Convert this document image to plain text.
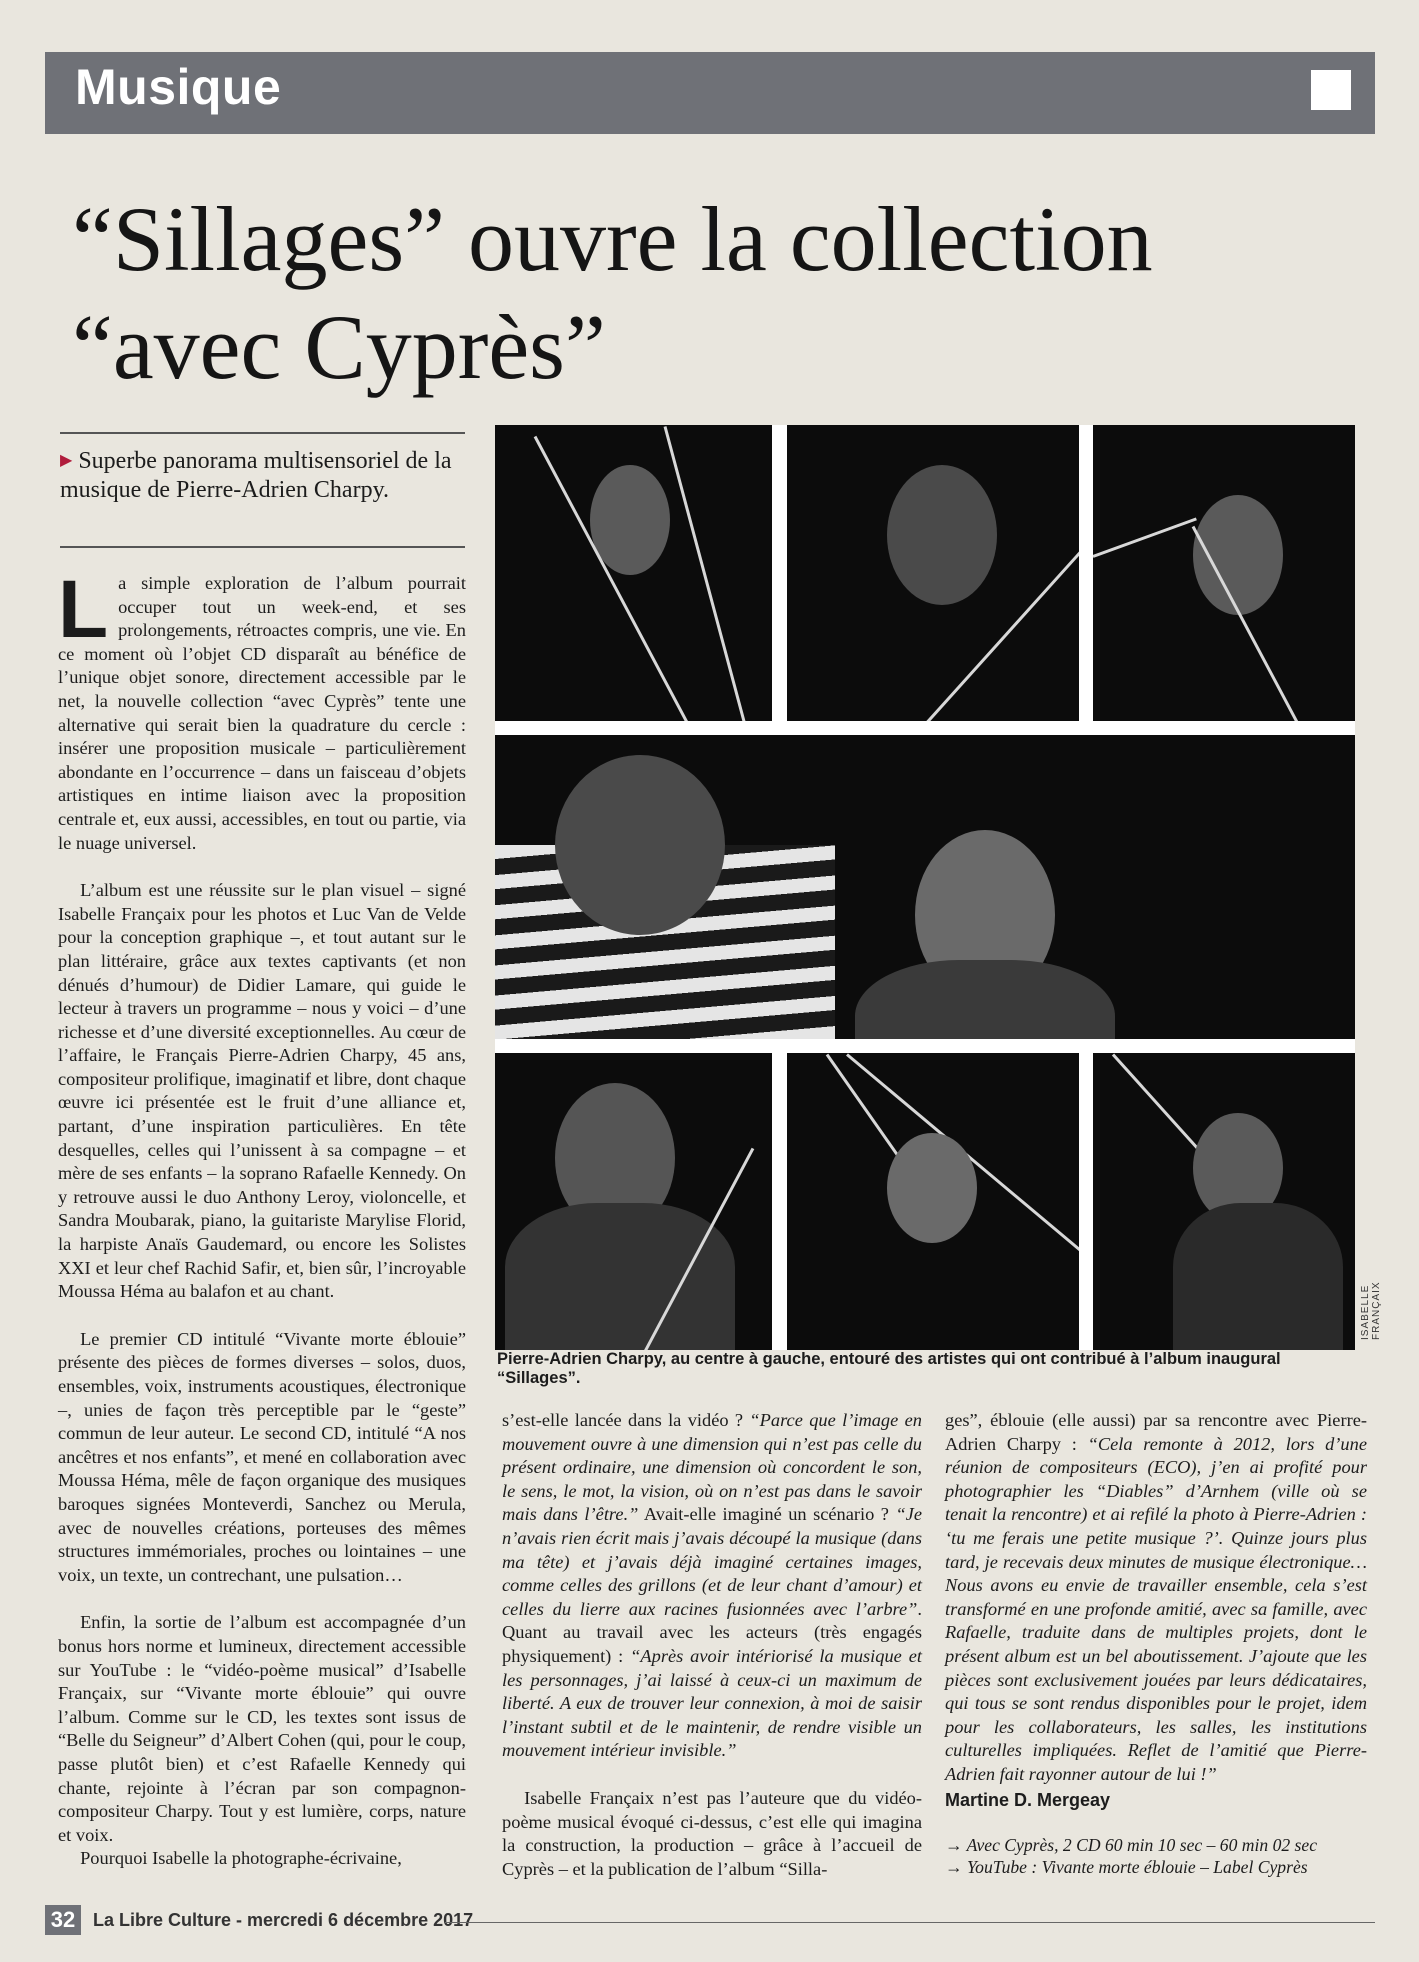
Musique
“Sillages” ouvre la collection
“avec Cyprès”
▶ Superbe panorama multisensoriel de la musique de Pierre-Adrien Charpy.

La simple exploration de l’album pourrait occuper tout un week-end, et ses prolongements, rétroactes compris, une vie. En ce moment où l’objet CD disparaît au bénéfice de l’unique objet sonore, directement accessible par le net, la nouvelle collection “avec Cyprès” tente une alternative qui serait bien la quadrature du cercle : insérer une proposition musicale – particulièrement abondante en l’occurrence – dans un faisceau d’objets artistiques en intime liaison avec la proposition centrale et, eux aussi, accessibles, en tout ou partie, via le nuage universel.

L’album est une réussite sur le plan visuel – signé Isabelle Françaix pour les photos et Luc Van de Velde pour la conception graphique –, et tout autant sur le plan littéraire, grâce aux textes captivants (et non dénués d’humour) de Didier Lamare, qui guide le lecteur à travers un programme – nous y voici – d’une richesse et d’une diversité exceptionnelles. Au cœur de l’affaire, le Français Pierre-Adrien Charpy, 45 ans, compositeur prolifique, imaginatif et libre, dont chaque œuvre ici présentée est le fruit d’une alliance et, partant, d’une inspiration particulières. En tête desquelles, celles qui l’unissent à sa compagne – et mère de ses enfants – la soprano Rafaelle Kennedy. On y retrouve aussi le duo Anthony Leroy, violoncelle, et Sandra Moubarak, piano, la guitariste Marylise Florid, la harpiste Anaïs Gaudemard, ou encore les Solistes XXI et leur chef Rachid Safir, et, bien sûr, l’incroyable Moussa Héma au balafon et au chant.

Le premier CD intitulé “Vivante morte éblouie” présente des pièces de formes diverses – solos, duos, ensembles, voix, instruments acoustiques, électronique –, unies de façon très perceptible par le “geste” commun de leur auteur. Le second CD, intitulé “A nos ancêtres et nos enfants”, et mené en collaboration avec Moussa Héma, mêle de façon organique des musiques baroques signées Monteverdi, Sanchez ou Merula, avec de nouvelles créations, porteuses des mêmes structures immémoriales, proches ou lointaines – une voix, un texte, un contrechant, une pulsation…

Enfin, la sortie de l’album est accompagnée d’un bonus hors norme et lumineux, directement accessible sur YouTube : le “vidéo-poème musical” d’Isabelle Françaix, sur “Vivante morte éblouie” qui ouvre l’album. Comme sur le CD, les textes sont issus de “Belle du Seigneur” d’Albert Cohen (qui, pour le coup, passe plutôt bien) et c’est Rafaelle Kennedy qui chante, rejointe à l’écran par son compagnon-compositeur Charpy. Tout y est lumière, corps, nature et voix.

Pourquoi Isabelle la photographe-écrivaine,

ISABELLE FRANÇAIX
Pierre-Adrien Charpy, au centre à gauche, entouré des artistes qui ont contribué à l’album inaugural “Sillages”.

s’est-elle lancée dans la vidéo ? “Parce que l’image en mouvement ouvre à une dimension qui n’est pas celle du présent ordinaire, une dimension où concordent le son, le sens, le mot, la vision, où on n’est pas dans le savoir mais dans l’être.” Avait-elle imaginé un scénario ? “Je n’avais rien écrit mais j’avais découpé la musique (dans ma tête) et j’avais déjà imaginé certaines images, comme celles des grillons (et de leur chant d’amour) et celles du lierre aux racines fusionnées avec l’arbre”. Quant au travail avec les acteurs (très engagés physiquement) : “Après avoir intériorisé la musique et les personnages, j’ai laissé à ceux-ci un maximum de liberté. A eux de trouver leur connexion, à moi de saisir l’instant subtil et de le maintenir, de rendre visible un mouvement intérieur invisible.”

Isabelle Françaix n’est pas l’auteure que du vidéo-poème musical évoqué ci-dessus, c’est elle qui imagina la construction, la production – grâce à l’accueil de Cyprès – et la publication de l’album “Silla-

ges”, éblouie (elle aussi) par sa rencontre avec Pierre-Adrien Charpy : “Cela remonte à 2012, lors d’une réunion de compositeurs (ECO), j’en ai profité pour photographier les “Diables” d’Arnhem (ville où se tenait la rencontre) et ai refilé la photo à Pierre-Adrien : ‘tu me ferais une petite musique ?’. Quinze jours plus tard, je recevais deux minutes de musique électronique… Nous avons eu envie de travailler ensemble, cela s’est transformé en une profonde amitié, avec sa famille, avec Rafaelle, traduite dans de multiples projets, dont le présent album est un bel aboutissement. J’ajoute que les pièces sont exclusivement jouées par leurs dédicataires, qui tous se sont rendus disponibles pour le projet, idem pour les collaborateurs, les salles, les institutions culturelles impliquées. Reflet de l’amitié que Pierre-Adrien fait rayonner autour de lui !”

Martine D. Mergeay
→ Avec Cyprès, 2 CD 60 min 10 sec – 60 min 02 sec
→ YouTube : Vivante morte éblouie – Label Cyprès
32 La Libre Culture - mercredi 6 décembre 2017
